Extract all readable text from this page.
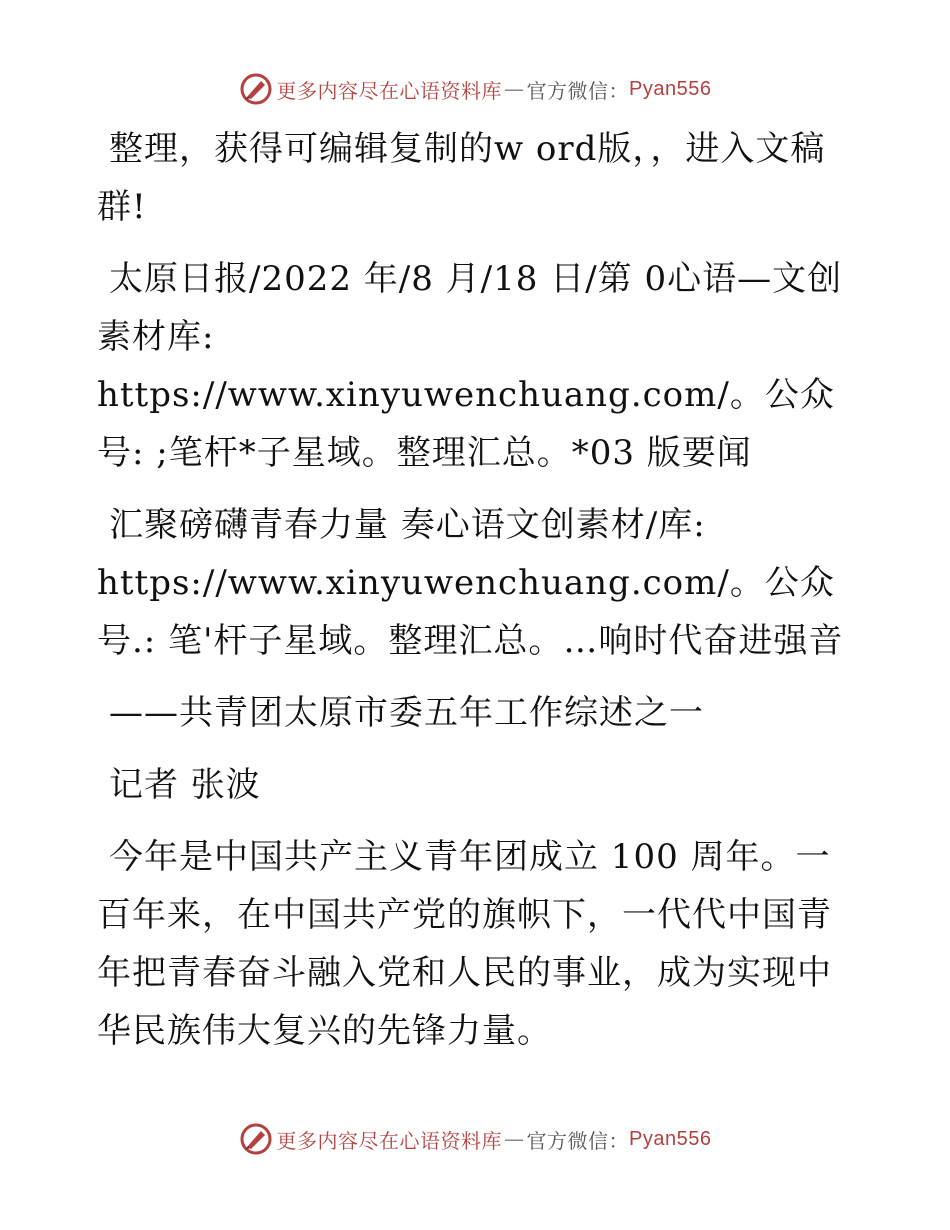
更多内容尽在心语资料库 — 官方微信： Pyan556

整理，获得可编辑复制的w ord版，，进入文稿群!

太原日报/2022 年/8 月/18 日/第 0心语—文创素材库: https://www.xinyuwenchuang.com/。公众号: ;笔杆*子星域。整理汇总。*03 版要闻

汇聚磅礴青春力量 奏心语文创素材/库: https://www.xinyuwenchuang.com/。公众号.: 笔'杆子星域。整理汇总。…响时代奋进强音

——共青团太原市委五年工作综述之一

记者 张波

今年是中国共产主义青年团成立 100 周年。一百年来，在中国共产党的旗帜下，一代代中国青年把青春奋斗融入党和人民的事业，成为实现中华民族伟大复兴的先锋力量。

更多内容尽在心语资料库 — 官方微信： Pyan556
